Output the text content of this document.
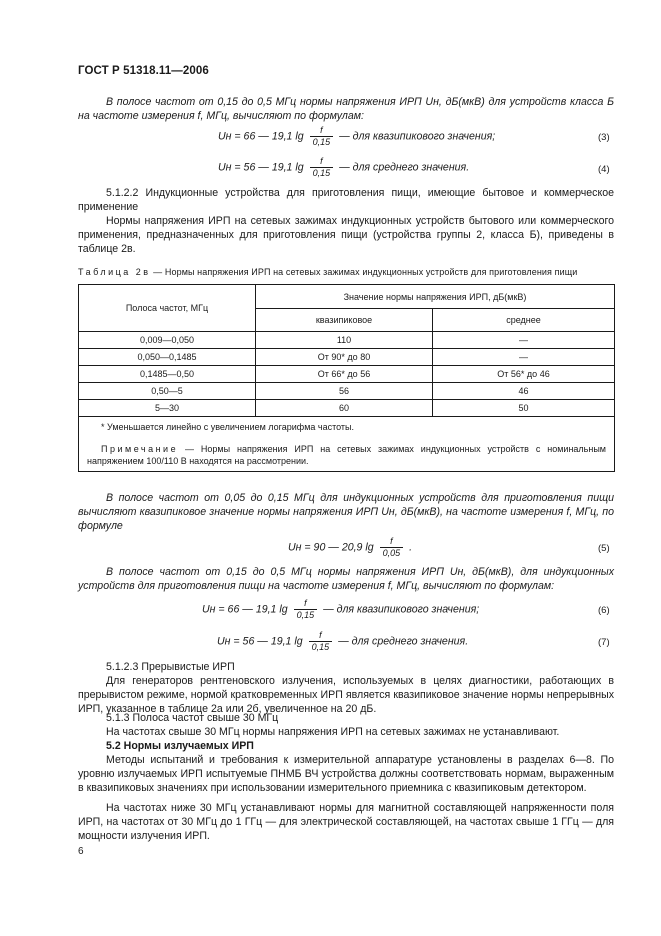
ГОСТ Р 51318.11—2006
В полосе частот от 0,15 до 0,5 МГц нормы напряжения ИРП Uн, дБ(мкВ) для устройств класса Б на частоте измерения f, МГц, вычисляют по формулам:
Uн = 66 — 19,1 $\lg \frac{f}{0,15}$ — для квазипикового значения;	(3)
Uн = 56 — 19,1 $\lg \frac{f}{0,15}$ — для среднего значения.	(4)
5.1.2.2 Индукционные устройства для приготовления пищи, имеющие бытовое и коммерческое применение
Нормы напряжения ИРП на сетевых зажимах индукционных устройств бытового или коммерческого применения, предназначенных для приготовления пищи (устройства группы 2, класса Б), приведены в таблице 2в.
Таблица 2в — Нормы напряжения ИРП на сетевых зажимах индукционных устройств для приготовления пищи
Полоса частот, МГц	Значение нормы напряжения ИРП, дБ(мкВ)	
	квазипиковое	среднее
0,009—0,050	110	—
0,050—0,1485	От 90* до 80	—
0,1485—0,50	От 66* до 56	От 56* до 46
0,50—5	56	46
5—30	60	50

* Уменьшается линейно с увеличением логарифма частоты.
Примечание — Нормы напряжения ИРП на сетевых зажимах индукционных устройств с номинальным напряжением 100/110 В находятся на рассмотрении.		
В полосе частот от 0,05 до 0,15 МГц для индукционных устройств для приготовления пищи вычисляют квазипиковое значение нормы напряжения ИРП Uн, дБ(мкВ), на частоте измерения f, МГц, по формуле
Uн = 90 — 20,9 $\lg \frac{f}{0,05}$ .	(5)
В полосе частот от 0,15 до 0,5 МГц нормы напряжения ИРП Uн, дБ(мкВ), для индукционных устройств для приготовления пищи на частоте измерения f, МГц, вычисляют по формулам:
Uн = 66 — 19,1 $\lg \frac{f}{0,15}$ — для квазипикового значения;	(6)
Uн = 56 — 19,1 $\lg \frac{f}{0,15}$ — для среднего значения.	(7)
5.1.2.3 Прерывистые ИРП
Для генераторов рентгеновского излучения, используемых в целях диагностики, работающих в прерывистом режиме, нормой кратковременных ИРП является квазипиковое значение нормы непрерывных ИРП, указанное в таблице 2а или 2б, увеличенное на 20 дБ.
5.1.3 Полоса частот свыше 30 МГц
На частотах свыше 30 МГц нормы напряжения ИРП на сетевых зажимах не устанавливают.
5.2 Нормы излучаемых ИРП
Методы испытаний и требования к измерительной аппаратуре установлены в разделах 6—8. По уровню излучаемых ИРП испытуемые ПНМБ ВЧ устройства должны соответствовать нормам, выраженным в квазипиковых значениях при использовании измерительного приемника с квазипиковым детектором.
На частотах ниже 30 МГц устанавливают нормы для магнитной составляющей напряженности поля ИРП, на частотах от 30 МГц до 1 ГГц — для электрической составляющей, на частотах свыше 1 ГГц — для мощности излучения ИРП.
6
